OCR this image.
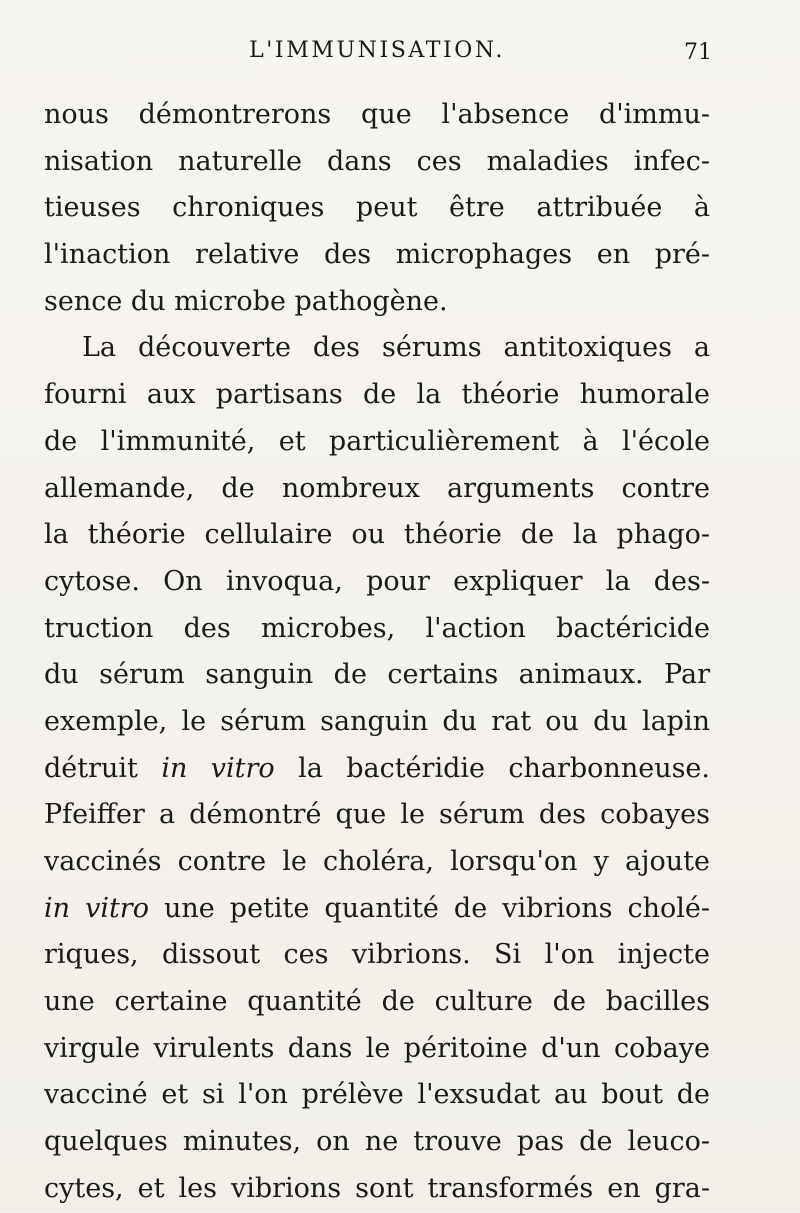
L'IMMUNISATION.	71
nous démontrerons que l'absence d'immu-
nisation naturelle dans ces maladies infec-
tieuses chroniques peut être attribuée à
l'inaction relative des microphages en pré-
sence du microbe pathogène.
La découverte des sérums antitoxiques a
fourni aux partisans de la théorie humorale
de l'immunité, et particulièrement à l'école
allemande, de nombreux arguments contre
la théorie cellulaire ou théorie de la phago-
cytose. On invoqua, pour expliquer la des-
truction des microbes, l'action bactéricide
du sérum sanguin de certains animaux. Par
exemple, le sérum sanguin du rat ou du lapin
détruit in vitro la bactéridie charbonneuse.
Pfeiffer a démontré que le sérum des cobayes
vaccinés contre le choléra, lorsqu'on y ajoute
in vitro une petite quantité de vibrions cholé-
riques, dissout ces vibrions. Si l'on injecte
une certaine quantité de culture de bacilles
virgule virulents dans le péritoine d'un cobaye
vacciné et si l'on prélève l'exsudat au bout de
quelques minutes, on ne trouve pas de leuco-
cytes, et les vibrions sont transformés en gra-
